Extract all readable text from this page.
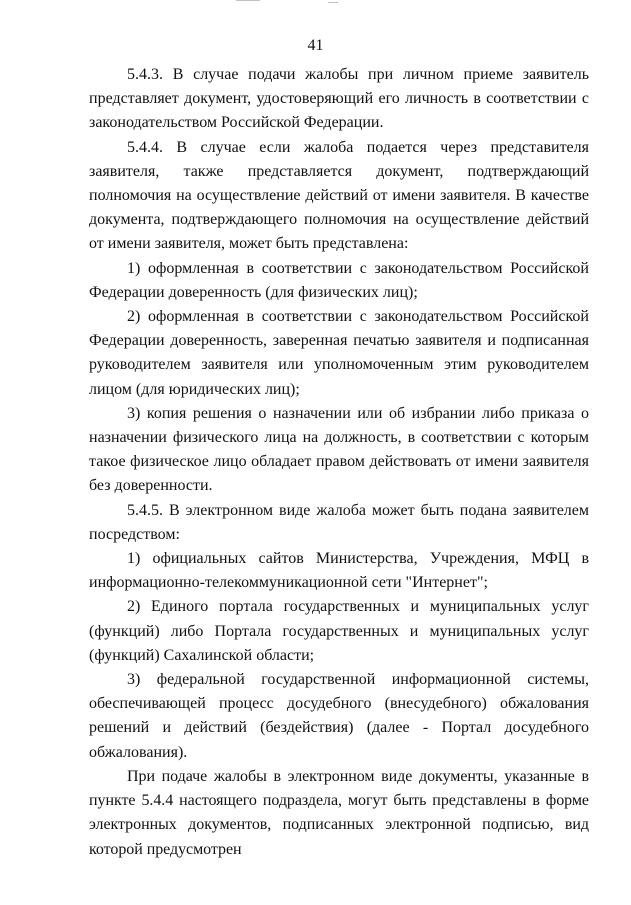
41

5.4.3. В случае подачи жалобы при личном приеме заявитель представляет документ, удостоверяющий его личность в соответствии с законодательством Российской Федерации.

5.4.4. В случае если жалоба подается через представителя заявителя, также представляется документ, подтверждающий полномочия на осуществление действий от имени заявителя. В качестве документа, подтверждающего полномочия на осуществление действий от имени заявителя, может быть представлена:

1) оформленная в соответствии с законодательством Российской Федерации доверенность (для физических лиц);

2) оформленная в соответствии с законодательством Российской Федерации доверенность, заверенная печатью заявителя и подписанная руководителем заявителя или уполномоченным этим руководителем лицом (для юридических лиц);

3) копия решения о назначении или об избрании либо приказа о назначении физического лица на должность, в соответствии с которым такое физическое лицо обладает правом действовать от имени заявителя без доверенности.

5.4.5. В электронном виде жалоба может быть подана заявителем посредством:

1) официальных сайтов Министерства, Учреждения, МФЦ в информационно-телекоммуникационной сети "Интернет";

2) Единого портала государственных и муниципальных услуг (функций) либо Портала государственных и муниципальных услуг (функций) Сахалинской области;

3) федеральной государственной информационной системы, обеспечивающей процесс досудебного (внесудебного) обжалования решений и действий (бездействия) (далее - Портал досудебного обжалования).

При подаче жалобы в электронном виде документы, указанные в пункте 5.4.4 настоящего подраздела, могут быть представлены в форме электронных документов, подписанных электронной подписью, вид которой предусмотрен
